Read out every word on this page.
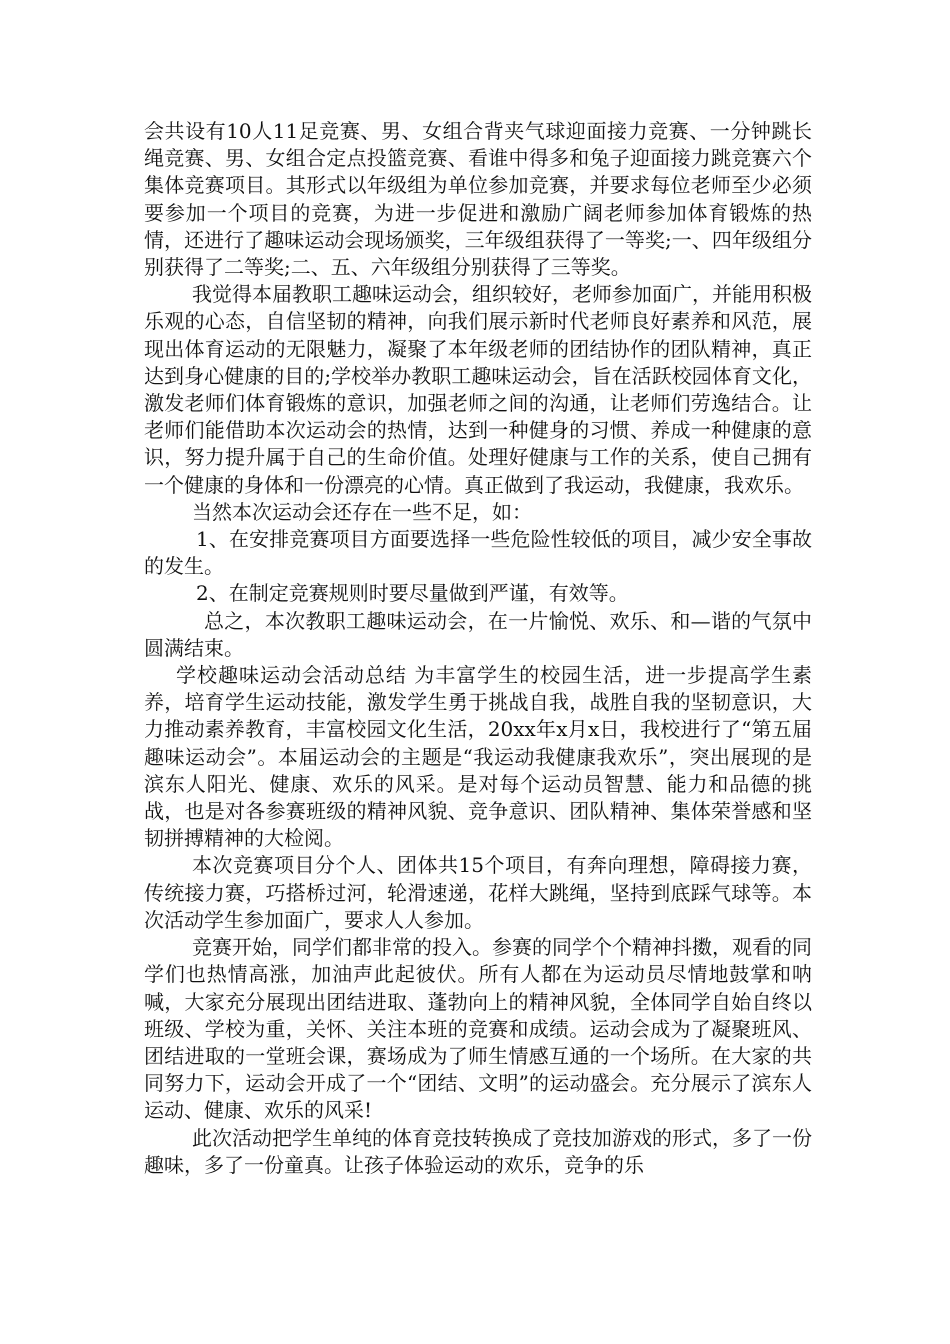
会共设有10人11足竞赛、男、女组合背夹气球迎面接力竞赛、一分钟跳长绳竞赛、男、女组合定点投篮竞赛、看谁中得多和兔子迎面接力跳竞赛六个集体竞赛项目。其形式以年级组为单位参加竞赛，并要求每位老师至少必须要参加一个项目的竞赛，为进一步促进和激励广阔老师参加体育锻炼的热情，还进行了趣味运动会现场颁奖，三年级组获得了一等奖;一、四年级组分别获得了二等奖;二、五、六年级组分别获得了三等奖。

我觉得本届教职工趣味运动会，组织较好，老师参加面广，并能用积极乐观的心态，自信坚韧的精神，向我们展示新时代老师良好素养和风范，展现出体育运动的无限魅力，凝聚了本年级老师的团结协作的团队精神，真正达到身心健康的目的;学校举办教职工趣味运动会，旨在活跃校园体育文化，激发老师们体育锻炼的意识，加强老师之间的沟通，让老师们劳逸结合。让老师们能借助本次运动会的热情，达到一种健身的习惯、养成一种健康的意识，努力提升属于自己的生命价值。处理好健康与工作的关系，使自己拥有一个健康的身体和一份漂亮的心情。真正做到了我运动，我健康，我欢乐。

当然本次运动会还存在一些不足，如：

1、在安排竞赛项目方面要选择一些危险性较低的项目，减少安全事故的发生。

2、在制定竞赛规则时要尽量做到严谨，有效等。

总之，本次教职工趣味运动会，在一片愉悦、欢乐、和—谐的气氛中圆满结束。

学校趣味运动会活动总结 为丰富学生的校园生活，进一步提高学生素养，培育学生运动技能，激发学生勇于挑战自我，战胜自我的坚韧意识，大力推动素养教育，丰富校园文化生活，20xx年x月x日，我校进行了“第五届趣味运动会”。本届运动会的主题是“我运动我健康我欢乐”，突出展现的是滨东人阳光、健康、欢乐的风采。是对每个运动员智慧、能力和品德的挑战，也是对各参赛班级的精神风貌、竞争意识、团队精神、集体荣誉感和坚韧拼搏精神的大检阅。

本次竞赛项目分个人、团体共15个项目，有奔向理想，障碍接力赛，传统接力赛，巧搭桥过河，轮滑速递，花样大跳绳，坚持到底踩气球等。本次活动学生参加面广，要求人人参加。

竞赛开始，同学们都非常的投入。参赛的同学个个精神抖擞，观看的同学们也热情高涨，加油声此起彼伏。所有人都在为运动员尽情地鼓掌和呐喊，大家充分展现出团结进取、蓬勃向上的精神风貌，全体同学自始自终以班级、学校为重，关怀、关注本班的竞赛和成绩。运动会成为了凝聚班风、团结进取的一堂班会课，赛场成为了师生情感互通的一个场所。在大家的共同努力下，运动会开成了一个“团结、文明”的运动盛会。充分展示了滨东人运动、健康、欢乐的风采!

此次活动把学生单纯的体育竞技转换成了竞技加游戏的形式，多了一份趣味，多了一份童真。让孩子体验运动的欢乐，竞争的乐
